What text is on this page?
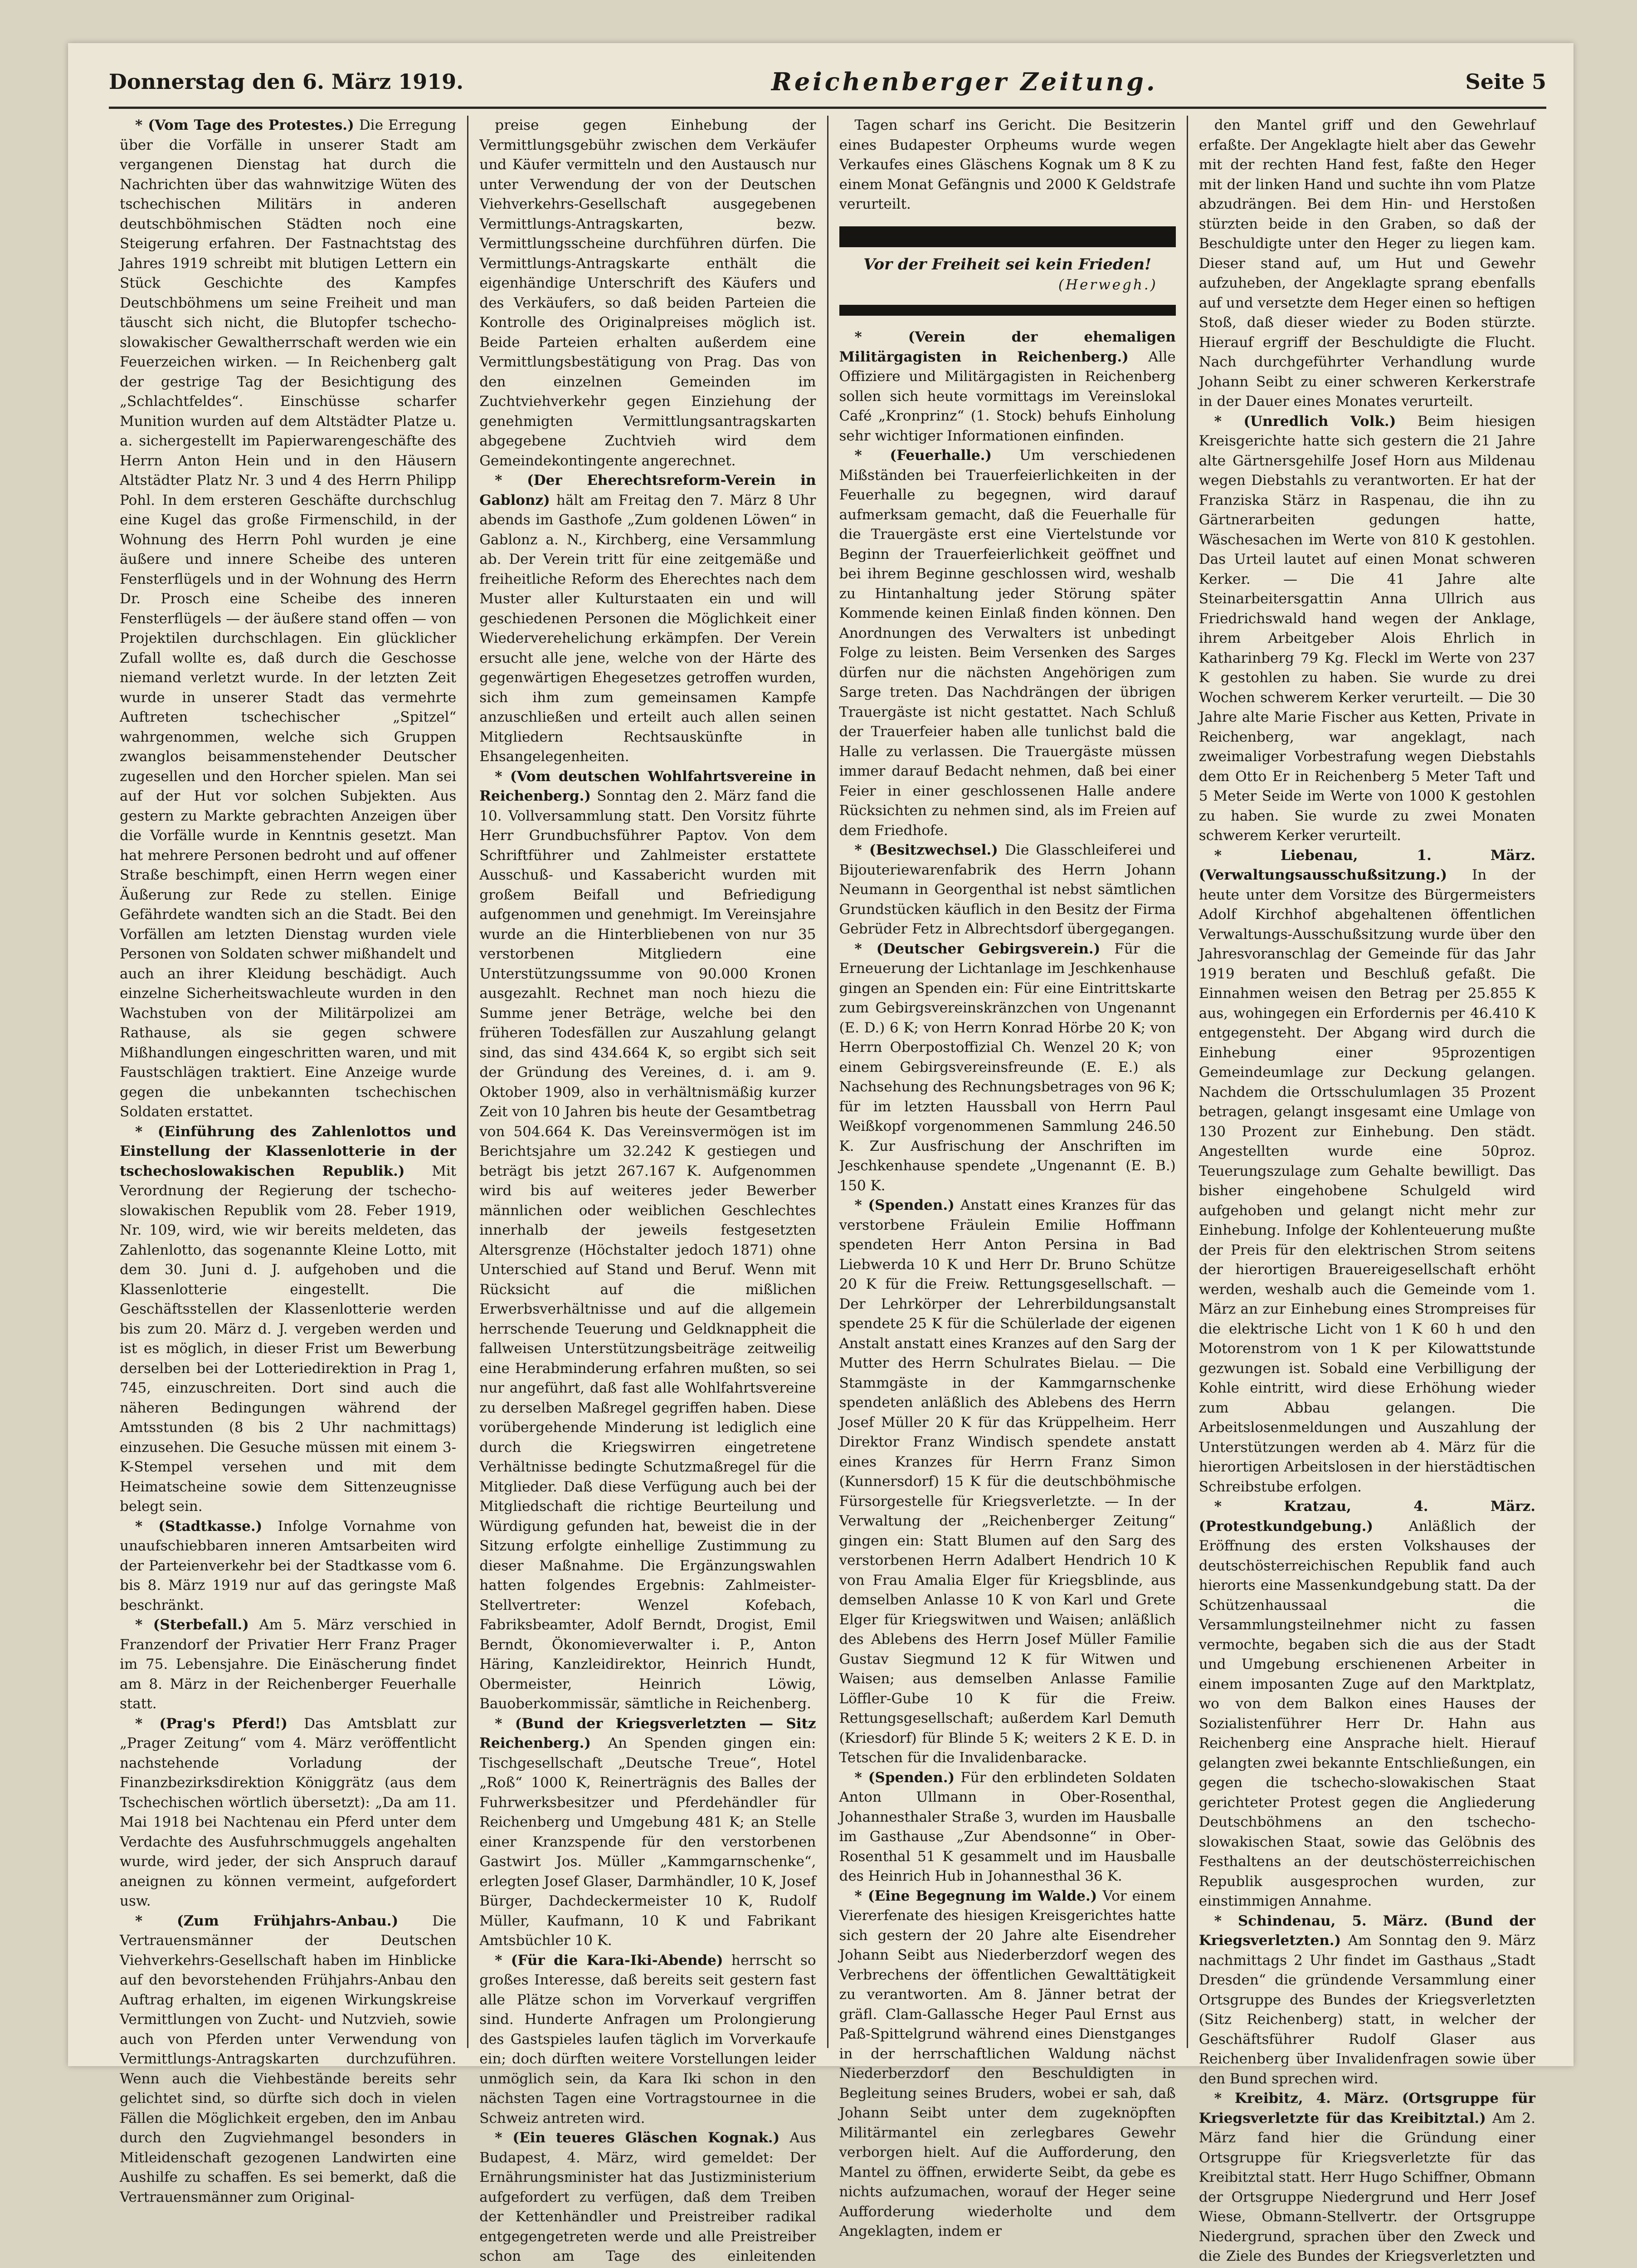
Donnerstag den 6. März 1919.	Reichenberger Zeitung.	Seite 5

* (Vom Tage des Protestes.) Die Erregung über die Vorfälle in unserer Stadt am vergangenen Dienstag hat durch die Nachrichten über das wahnwitzige Wüten des tschechischen Militärs in anderen deutschböhmischen Städten noch eine Steigerung erfahren. Der Fastnachtstag des Jahres 1919 schreibt mit blutigen Lettern ein Stück Geschichte des Kampfes Deutschböhmens um seine Freiheit und man täuscht sich nicht, die Blutopfer tschecho-slowakischer Gewaltherrschaft werden wie ein Feuerzeichen wirken. — In Reichenberg galt der gestrige Tag der Besichtigung des „Schlachtfeldes“. Einschüsse scharfer Munition wurden auf dem Altstädter Platze u. a. sichergestellt im Papierwarengeschäfte des Herrn Anton Hein und in den Häusern Altstädter Platz Nr. 3 und 4 des Herrn Philipp Pohl. In dem ersteren Geschäfte durchschlug eine Kugel das große Firmenschild, in der Wohnung des Herrn Pohl wurden je eine äußere und innere Scheibe des unteren Fensterflügels und in der Wohnung des Herrn Dr. Prosch eine Scheibe des inneren Fensterflügels — der äußere stand offen — von Projektilen durchschlagen. Ein glücklicher Zufall wollte es, daß durch die Geschosse niemand verletzt wurde. In der letzten Zeit wurde in unserer Stadt das vermehrte Auftreten tschechischer „Spitzel“ wahrgenommen, welche sich Gruppen zwanglos beisammenstehender Deutscher zugesellen und den Horcher spielen. Man sei auf der Hut vor solchen Subjekten. Aus gestern zu Markte gebrachten Anzeigen über die Vorfälle wurde in Kenntnis gesetzt. Man hat mehrere Personen bedroht und auf offener Straße beschimpft, einen Herrn wegen einer Äußerung zur Rede zu stellen. Einige Gefährdete wandten sich an die Stadt. Bei den Vorfällen am letzten Dienstag wurden viele Personen von Soldaten schwer mißhandelt und auch an ihrer Kleidung beschädigt. Auch einzelne Sicherheitswachleute wurden in den Wachstuben von der Militärpolizei am Rathause, als sie gegen schwere Mißhandlungen eingeschritten waren, und mit Faustschlägen traktiert. Eine Anzeige wurde gegen die unbekannten tschechischen Soldaten erstattet.

* (Einführung des Zahlenlottos und Einstellung der Klassenlotterie in der tschechoslowakischen Republik.) Mit Verordnung der Regierung der tschecho-slowakischen Republik vom 28. Feber 1919, Nr. 109, wird, wie wir bereits meldeten, das Zahlenlotto, das sogenannte Kleine Lotto, mit dem 30. Juni d. J. aufgehoben und die Klassenlotterie eingestellt. Die Geschäftsstellen der Klassenlotterie werden bis zum 20. März d. J. vergeben werden und ist es möglich, in dieser Frist um Bewerbung derselben bei der Lotteriedirektion in Prag 1, 745, einzuschreiten. Dort sind auch die näheren Bedingungen während der Amtsstunden (8 bis 2 Uhr nachmittags) einzusehen. Die Gesuche müssen mit einem 3-K-Stempel versehen und mit dem Heimatscheine sowie dem Sittenzeugnisse belegt sein.

* (Stadtkasse.) Infolge Vornahme von unaufschiebbaren inneren Amtsarbeiten wird der Parteienverkehr bei der Stadtkasse vom 6. bis 8. März 1919 nur auf das geringste Maß beschränkt.

* (Sterbefall.) Am 5. März verschied in Franzendorf der Privatier Herr Franz Prager im 75. Lebensjahre. Die Einäscherung findet am 8. März in der Reichenberger Feuerhalle statt.

* (Prag's Pferd!) Das Amtsblatt zur „Prager Zeitung“ vom 4. März veröffentlicht nachstehende Vorladung der Finanzbezirksdirektion Königgrätz (aus dem Tschechischen wörtlich übersetzt): „Da am 11. Mai 1918 bei Nachtenau ein Pferd unter dem Verdachte des Ausfuhrschmuggels angehalten wurde, wird jeder, der sich Anspruch darauf aneignen zu können vermeint, aufgefordert usw.

* (Zum Frühjahrs-Anbau.) Die Vertrauensmänner der Deutschen Viehverkehrs-Gesellschaft haben im Hinblicke auf den bevorstehenden Frühjahrs-Anbau den Auftrag erhalten, im eigenen Wirkungskreise Vermittlungen von Zucht- und Nutzvieh, sowie auch von Pferden unter Verwendung von Vermittlungs-Antragskarten durchzuführen. Wenn auch die Viehbestände bereits sehr gelichtet sind, so dürfte sich doch in vielen Fällen die Möglichkeit ergeben, den im Anbau durch den Zugviehmangel besonders in Mitleidenschaft gezogenen Landwirten eine Aushilfe zu schaffen. Es sei bemerkt, daß die Vertrauensmänner zum Original-

preise gegen Einhebung der Vermittlungsgebühr zwischen dem Verkäufer und Käufer vermitteln und den Austausch nur unter Verwendung der von der Deutschen Viehverkehrs-Gesellschaft ausgegebenen Vermittlungs-Antragskarten, bezw. Vermittlungsscheine durchführen dürfen. Die Vermittlungs-Antragskarte enthält die eigenhändige Unterschrift des Käufers und des Verkäufers, so daß beiden Parteien die Kontrolle des Originalpreises möglich ist. Beide Parteien erhalten außerdem eine Vermittlungsbestätigung von Prag. Das von den einzelnen Gemeinden im Zuchtviehverkehr gegen Einziehung der genehmigten Vermittlungsantragskarten abgegebene Zuchtvieh wird dem Gemeindekontingente angerechnet.

* (Der Eherechtsreform-Verein in Gablonz) hält am Freitag den 7. März 8 Uhr abends im Gasthofe „Zum goldenen Löwen“ in Gablonz a. N., Kirchberg, eine Versammlung ab. Der Verein tritt für eine zeitgemäße und freiheitliche Reform des Eherechtes nach dem Muster aller Kulturstaaten ein und will geschiedenen Personen die Möglichkeit einer Wiederverehelichung erkämpfen. Der Verein ersucht alle jene, welche von der Härte des gegenwärtigen Ehegesetzes getroffen wurden, sich ihm zum gemeinsamen Kampfe anzuschließen und erteilt auch allen seinen Mitgliedern Rechtsauskünfte in Ehsangelegenheiten.

* (Vom deutschen Wohlfahrtsvereine in Reichenberg.) Sonntag den 2. März fand die 10. Vollversammlung statt. Den Vorsitz führte Herr Grundbuchsführer Paptov. Von dem Schriftführer und Zahlmeister erstattete Ausschuß- und Kassabericht wurden mit großem Beifall und Befriedigung aufgenommen und genehmigt. Im Vereinsjahre wurde an die Hinterbliebenen von nur 35 verstorbenen Mitgliedern eine Unterstützungssumme von 90.000 Kronen ausgezahlt. Rechnet man noch hiezu die Summe jener Beträge, welche bei den früheren Todesfällen zur Auszahlung gelangt sind, das sind 434.664 K, so ergibt sich seit der Gründung des Vereines, d. i. am 9. Oktober 1909, also in verhältnismäßig kurzer Zeit von 10 Jahren bis heute der Gesamtbetrag von 504.664 K. Das Vereinsvermögen ist im Berichtsjahre um 32.242 K gestiegen und beträgt bis jetzt 267.167 K. Aufgenommen wird bis auf weiteres jeder Bewerber männlichen oder weiblichen Geschlechtes innerhalb der jeweils festgesetzten Altersgrenze (Höchstalter jedoch 1871) ohne Unterschied auf Stand und Beruf. Wenn mit Rücksicht auf die mißlichen Erwerbsverhältnisse und auf die allgemein herrschende Teuerung und Geldknappheit die fallweisen Unterstützungsbeiträge zeitweilig eine Herabminderung erfahren mußten, so sei nur angeführt, daß fast alle Wohlfahrtsvereine zu derselben Maßregel gegriffen haben. Diese vorübergehende Minderung ist lediglich eine durch die Kriegswirren eingetretene Verhältnisse bedingte Schutzmaßregel für die Mitglieder. Daß diese Verfügung auch bei der Mitgliedschaft die richtige Beurteilung und Würdigung gefunden hat, beweist die in der Sitzung erfolgte einhellige Zustimmung zu dieser Maßnahme. Die Ergänzungswahlen hatten folgendes Ergebnis: Zahlmeister-Stellvertreter: Wenzel Kofebach, Fabriksbeamter, Adolf Berndt, Drogist, Emil Berndt, Ökonomieverwalter i. P., Anton Häring, Kanzleidirektor, Heinrich Hundt, Obermeister, Heinrich Löwig, Bauoberkommissär, sämtliche in Reichenberg.

* (Bund der Kriegsverletzten — Sitz Reichenberg.) An Spenden gingen ein: Tischgesellschaft „Deutsche Treue“, Hotel „Roß“ 1000 K, Reinerträgnis des Balles der Fuhrwerksbesitzer und Pferdehändler für Reichenberg und Umgebung 481 K; an Stelle einer Kranzspende für den verstorbenen Gastwirt Jos. Müller „Kammgarnschenke“, erlegten Josef Glaser, Darmhändler, 10 K, Josef Bürger, Dachdeckermeister 10 K, Rudolf Müller, Kaufmann, 10 K und Fabrikant Amtsbüchler 10 K.

* (Für die Kara-Iki-Abende) herrscht so großes Interesse, daß bereits seit gestern fast alle Plätze schon im Vorverkauf vergriffen sind. Hunderte Anfragen um Prolongierung des Gastspieles laufen täglich im Vorverkaufe ein; doch dürften weitere Vorstellungen leider unmöglich sein, da Kara Iki schon in den nächsten Tagen eine Vortragstournee in die Schweiz antreten wird.

* (Ein teueres Gläschen Kognak.) Aus Budapest, 4. März, wird gemeldet: Der Ernährungsminister hat das Justizministerium aufgefordert zu verfügen, daß dem Treiben der Kettenhändler und Preistreiber radikal entgegengetreten werde und alle Preistreiber schon am Tage des einleitenden

Tagen scharf ins Gericht. Die Besitzerin eines Budapester Orpheums wurde wegen Verkaufes eines Gläschens Kognak um 8 K zu einem Monat Gefängnis und 2000 K Geldstrafe verurteilt.

Vor der Freiheit sei kein Frieden!
(Herwegh.)

* (Verein der ehemaligen Militärgagisten in Reichenberg.) Alle Offiziere und Militärgagisten in Reichenberg sollen sich heute vormittags im Vereinslokal Café „Kronprinz“ (1. Stock) behufs Einholung sehr wichtiger Informationen einfinden.

* (Feuerhalle.) Um verschiedenen Mißständen bei Trauerfeierlichkeiten in der Feuerhalle zu begegnen, wird darauf aufmerksam gemacht, daß die Feuerhalle für die Trauergäste erst eine Viertelstunde vor Beginn der Trauerfeierlichkeit geöffnet und bei ihrem Beginne geschlossen wird, weshalb zu Hintanhaltung jeder Störung später Kommende keinen Einlaß finden können. Den Anordnungen des Verwalters ist unbedingt Folge zu leisten. Beim Versenken des Sarges dürfen nur die nächsten Angehörigen zum Sarge treten. Das Nachdrängen der übrigen Trauergäste ist nicht gestattet. Nach Schluß der Trauerfeier haben alle tunlichst bald die Halle zu verlassen. Die Trauergäste müssen immer darauf Bedacht nehmen, daß bei einer Feier in einer geschlossenen Halle andere Rücksichten zu nehmen sind, als im Freien auf dem Friedhofe.

* (Besitzwechsel.) Die Glasschleiferei und Bijouteriewarenfabrik des Herrn Johann Neumann in Georgenthal ist nebst sämtlichen Grundstücken käuflich in den Besitz der Firma Gebrüder Fetz in Albrechtsdorf übergegangen.

* (Deutscher Gebirgsverein.) Für die Erneuerung der Lichtanlage im Jeschkenhause gingen an Spenden ein: Für eine Eintrittskarte zum Gebirgsvereinskränzchen von Ungenannt (E. D.) 6 K; von Herrn Konrad Hörbe 20 K; von Herrn Oberpostoffizial Ch. Wenzel 20 K; von einem Gebirgsvereinsfreunde (E. E.) als Nachsehung des Rechnungsbetrages von 96 K; für im letzten Haussball von Herrn Paul Weißkopf vorgenommenen Sammlung 246.50 K. Zur Ausfrischung der Anschriften im Jeschkenhause spendete „Ungenannt (E. B.) 150 K.

* (Spenden.) Anstatt eines Kranzes für das verstorbene Fräulein Emilie Hoffmann spendeten Herr Anton Persina in Bad Liebwerda 10 K und Herr Dr. Bruno Schütze 20 K für die Freiw. Rettungsgesellschaft. — Der Lehrkörper der Lehrerbildungsanstalt spendete 25 K für die Schülerlade der eigenen Anstalt anstatt eines Kranzes auf den Sarg der Mutter des Herrn Schulrates Bielau. — Die Stammgäste in der Kammgarnschenke spendeten anläßlich des Ablebens des Herrn Josef Müller 20 K für das Krüppelheim. Herr Direktor Franz Windisch spendete anstatt eines Kranzes für Herrn Franz Simon (Kunnersdorf) 15 K für die deutschböhmische Fürsorgestelle für Kriegsverletzte. — In der Verwaltung der „Reichenberger Zeitung“ gingen ein: Statt Blumen auf den Sarg des verstorbenen Herrn Adalbert Hendrich 10 K von Frau Amalia Elger für Kriegsblinde, aus demselben Anlasse 10 K von Karl und Grete Elger für Kriegswitwen und Waisen; anläßlich des Ablebens des Herrn Josef Müller Familie Gustav Siegmund 12 K für Witwen und Waisen; aus demselben Anlasse Familie Löffler-Gube 10 K für die Freiw. Rettungsgesellschaft; außerdem Karl Demuth (Kriesdorf) für Blinde 5 K; weiters 2 K E. D. in Tetschen für die Invalidenbaracke.

* (Spenden.) Für den erblindeten Soldaten Anton Ullmann in Ober-Rosenthal, Johannesthaler Straße 3, wurden im Hausballe im Gasthause „Zur Abendsonne“ in Ober-Rosenthal 51 K gesammelt und im Hausballe des Heinrich Hub in Johannesthal 36 K.

* (Eine Begegnung im Walde.) Vor einem Viererfenate des hiesigen Kreisgerichtes hatte sich gestern der 20 Jahre alte Eisendreher Johann Seibt aus Niederberzdorf wegen des Verbrechens der öffentlichen Gewalttätigkeit zu verantworten. Am 8. Jänner betrat der gräfl. Clam-Gallassche Heger Paul Ernst aus Paß-Spittelgrund während eines Dienstganges in der herrschaftlichen Waldung nächst Niederberzdorf den Beschuldigten in Begleitung seines Bruders, wobei er sah, daß Johann Seibt unter dem zugeknöpften Militärmantel ein zerlegbares Gewehr verborgen hielt. Auf die Aufforderung, den Mantel zu öffnen, erwiderte Seibt, da gebe es nichts aufzumachen, worauf der Heger seine Aufforderung wiederholte und dem Angeklagten, indem er

den Mantel griff und den Gewehrlauf erfaßte. Der Angeklagte hielt aber das Gewehr mit der rechten Hand fest, faßte den Heger mit der linken Hand und suchte ihn vom Platze abzudrängen. Bei dem Hin- und Herstoßen stürzten beide in den Graben, so daß der Beschuldigte unter den Heger zu liegen kam. Dieser stand auf, um Hut und Gewehr aufzuheben, der Angeklagte sprang ebenfalls auf und versetzte dem Heger einen so heftigen Stoß, daß dieser wieder zu Boden stürzte. Hierauf ergriff der Beschuldigte die Flucht. Nach durchgeführter Verhandlung wurde Johann Seibt zu einer schweren Kerkerstrafe in der Dauer eines Monates verurteilt.

* (Unredlich Volk.) Beim hiesigen Kreisgerichte hatte sich gestern die 21 Jahre alte Gärtnersgehilfe Josef Horn aus Mildenau wegen Diebstahls zu verantworten. Er hat der Franziska Stärz in Raspenau, die ihn zu Gärtnerarbeiten gedungen hatte, Wäschesachen im Werte von 810 K gestohlen. Das Urteil lautet auf einen Monat schweren Kerker. — Die 41 Jahre alte Steinarbeitersgattin Anna Ullrich aus Friedrichswald hand wegen der Anklage, ihrem Arbeitgeber Alois Ehrlich in Katharinberg 79 Kg. Fleckl im Werte von 237 K gestohlen zu haben. Sie wurde zu drei Wochen schwerem Kerker verurteilt. — Die 30 Jahre alte Marie Fischer aus Ketten, Private in Reichenberg, war angeklagt, nach zweimaliger Vorbestrafung wegen Diebstahls dem Otto Er in Reichenberg 5 Meter Taft und 5 Meter Seide im Werte von 1000 K gestohlen zu haben. Sie wurde zu zwei Monaten schwerem Kerker verurteilt.

* Liebenau, 1. März. (Verwaltungsausschußsitzung.) In der heute unter dem Vorsitze des Bürgermeisters Adolf Kirchhof abgehaltenen öffentlichen Verwaltungs-Ausschußsitzung wurde über den Jahresvoranschlag der Gemeinde für das Jahr 1919 beraten und Beschluß gefaßt. Die Einnahmen weisen den Betrag per 25.855 K aus, wohingegen ein Erfordernis per 46.410 K entgegensteht. Der Abgang wird durch die Einhebung einer 95prozentigen Gemeindeumlage zur Deckung gelangen. Nachdem die Ortsschulumlagen 35 Prozent betragen, gelangt insgesamt eine Umlage von 130 Prozent zur Einhebung. Den städt. Angestellten wurde eine 50proz. Teuerungszulage zum Gehalte bewilligt. Das bisher eingehobene Schulgeld wird aufgehoben und gelangt nicht mehr zur Einhebung. Infolge der Kohlenteuerung mußte der Preis für den elektrischen Strom seitens der hierortigen Brauereigesellschaft erhöht werden, weshalb auch die Gemeinde vom 1. März an zur Einhebung eines Strompreises für die elektrische Licht von 1 K 60 h und den Motorenstrom von 1 K per Kilowattstunde gezwungen ist. Sobald eine Verbilligung der Kohle eintritt, wird diese Erhöhung wieder zum Abbau gelangen. Die Arbeitslosenmeldungen und Auszahlung der Unterstützungen werden ab 4. März für die hierortigen Arbeitslosen in der hierstädtischen Schreibstube erfolgen.

* Kratzau, 4. März. (Protestkundgebung.) Anläßlich der Eröffnung des ersten Volkshauses der deutschösterreichischen Republik fand auch hierorts eine Massenkundgebung statt. Da der Schützenhaussaal die Versammlungsteilnehmer nicht zu fassen vermochte, begaben sich die aus der Stadt und Umgebung erschienenen Arbeiter in einem imposanten Zuge auf den Marktplatz, wo von dem Balkon eines Hauses der Sozialistenführer Herr Dr. Hahn aus Reichenberg eine Ansprache hielt. Hierauf gelangten zwei bekannte Entschließungen, ein gegen die tschecho-slowakischen Staat gerichteter Protest gegen die Angliederung Deutschböhmens an den tschecho-slowakischen Staat, sowie das Gelöbnis des Festhaltens an der deutschösterreichischen Republik ausgesprochen wurden, zur einstimmigen Annahme.

* Schindenau, 5. März. (Bund der Kriegsverletzten.) Am Sonntag den 9. März nachmittags 2 Uhr findet im Gasthaus „Stadt Dresden“ die gründende Versammlung einer Ortsgruppe des Bundes der Kriegsverletzten (Sitz Reichenberg) statt, in welcher der Geschäftsführer Rudolf Glaser aus Reichenberg über Invalidenfragen sowie über den Bund sprechen wird.

* Kreibitz, 4. März. (Ortsgruppe für Kriegsverletzte für das Kreibitztal.) Am 2. März fand hier die Gründung einer Ortsgruppe für Kriegsverletzte für das Kreibitztal statt. Herr Hugo Schiffner, Obmann der Ortsgruppe Niedergrund und Herr Josef Wiese, Obmann-Stellvertr. der Ortsgruppe Niedergrund, sprachen über den Zweck und die Ziele des Bundes der Kriegsverletzten und
